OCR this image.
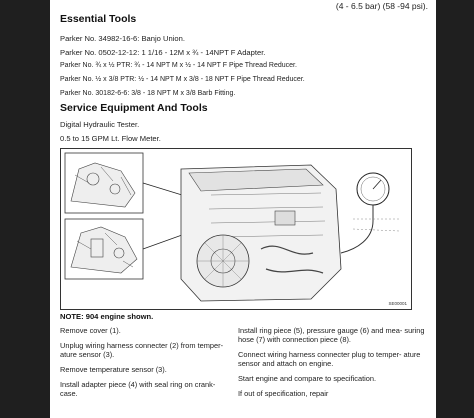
(4 - 6.5 bar) (58 -94 psi).
Essential Tools
Parker No. 34982-16-6: Banjo Union.
Parker No. 0502-12-12: 1 1/16 - 12M x ¾ - 14NPT F Adapter.
Parker No. ¾ x ½ PTR: ¾ - 14 NPT M x ½ - 14 NPT F Pipe Thread Reducer.
Parker No. ½ x 3/8 PTR: ½ - 14 NPT M x 3/8 - 18 NPT F Pipe Thread Reducer.
Parker No. 30182-6-6: 3/8 - 18 NPT M x 3/8 Barb Fitting.
Service Equipment And Tools
Digital Hydraulic Tester.
0.5 to 15 GPM Lt. Flow Meter.
SE00001
NOTE: 904 engine shown.

Remove cover (1).

Unplug wiring harness connecter (2) from temper- ature sensor (3).

Remove temperature sensor (3).

Install adapter piece (4) with seal ring on crank- case.

Install ring piece (5), pressure gauge (6) and mea- suring hose (7) with connection piece (8).

Connect wiring harness connecter plug to temper- ature sensor and attach on engine.

Start engine and compare to specification.

If out of specification, repair
